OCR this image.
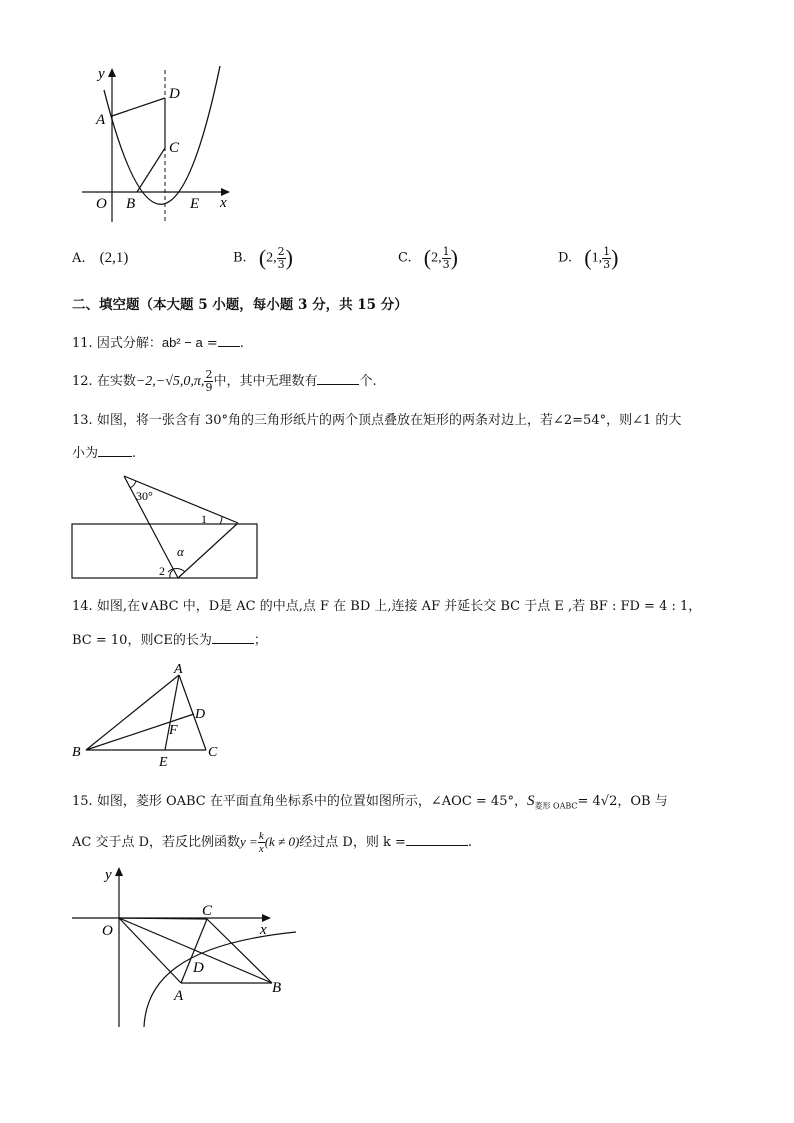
y
x
O
A
B
C
D
E
A. (2,1)	B. (2, $\frac{2}{3}$ )	C. (2, $\frac{1}{3}$ )	D. (1, $\frac{1}{3}$ )
二、填空题（本大题 5 小题，每小题 3 分，共 15 分）
11. 因式分解：ab² − a = .
12. 在实数−2,−√5,0,π, $\frac{2}{9}$ 中，其中无理数有	个.
13. 如图，将一张含有 30°角的三角形纸片的两个顶点叠放在矩形的两条对边上，若∠2=54°，则∠1 的大
小为	.
30°
1
2
α
14. 如图,在∨ABC 中，D是 AC 的中点,点 F 在 BD 上,连接 AF 并延长交 BC 于点 E ,若 BF : FD = 4 : 1，
BC = 10，则CE的长为	；
A
B	C
D
E
F
15. 如图，菱形 OABC 在平面直角坐标系中的位置如图所示，∠AOC = 45°，$S_{菱形 OABC}= 4√2$，OB 与
AC 交于点 D，若反比例函数$y = \frac{k}{x} (k \ne 0)$经过点 D，则 k =	.
y
x
O
C
D
A	B
